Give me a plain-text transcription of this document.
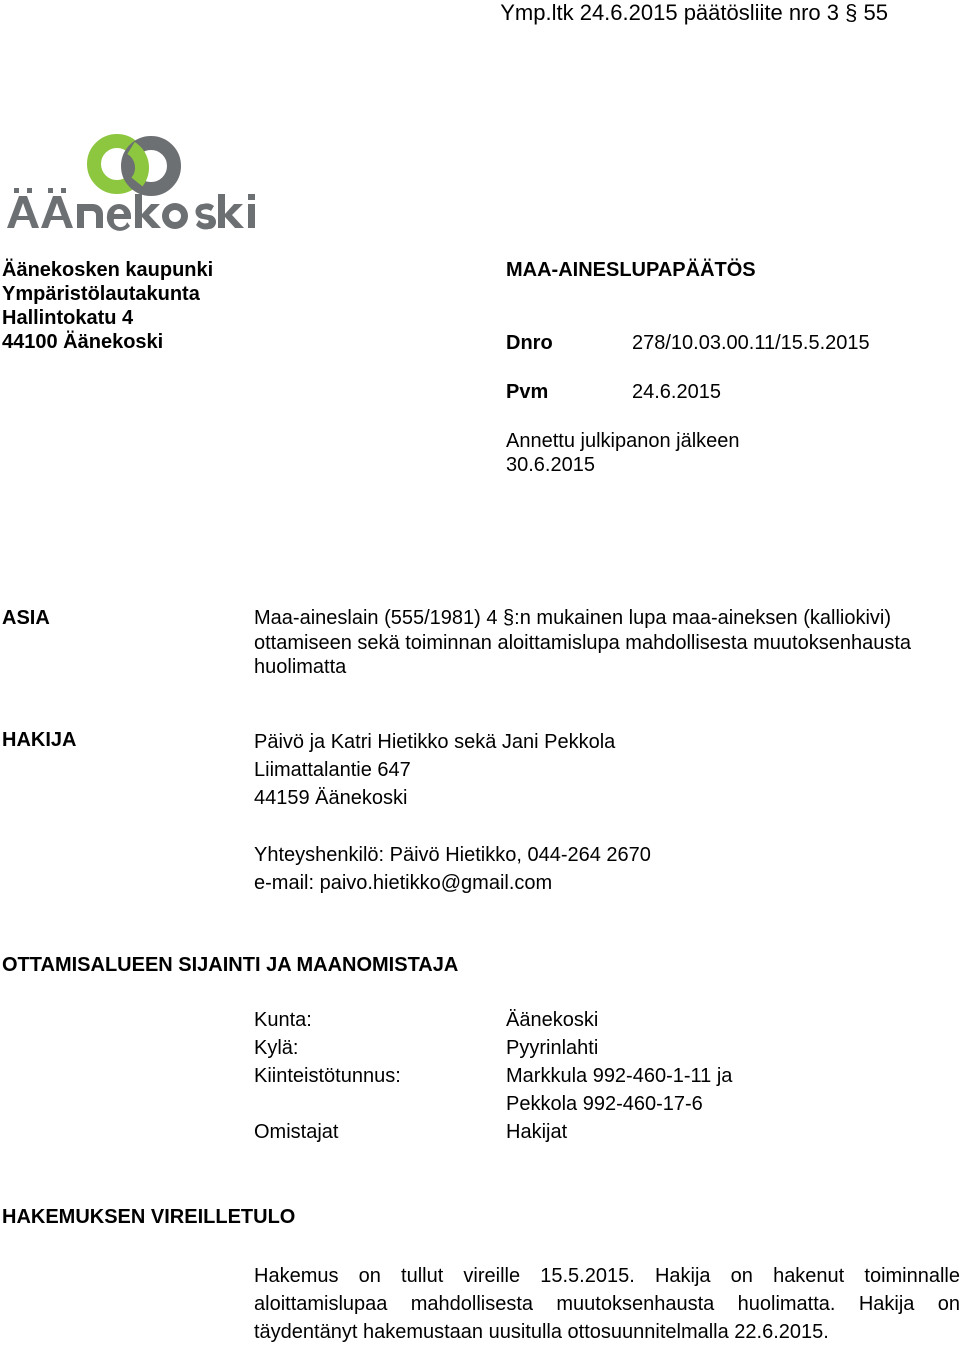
Ymp.ltk 24.6.2015 päätösliite nro 3 § 55
Äänekosken kaupunki
Ympäristölautakunta
Hallintokatu 4
44100 Äänekoski
MAA-AINESLUPAPÄÄTÖS
Dnro	278/10.03.00.11/15.5.2015
Pvm	24.6.2015
Annettu julkipanon jälkeen
30.6.2015
ASIA	Maa-aineslain (555/1981) 4 §:n mukainen lupa maa-aineksen (kalliokivi)
ottamiseen sekä toiminnan aloittamislupa mahdollisesta muutoksenhausta
huolimatta
HAKIJA	Päivö ja Katri Hietikko sekä Jani Pekkola
Liimattalantie 647
44159 Äänekoski
Yhteyshenkilö: Päivö Hietikko, 044-264 2670
e-mail: paivo.hietikko@gmail.com
OTTAMISALUEEN SIJAINTI JA MAANOMISTAJA
Kunta:	Äänekoski
Kylä:	Pyyrinlahti
Kiinteistötunnus:	Markkula 992-460-1-11 ja
Pekkola 992-460-17-6
Omistajat	Hakijat
HAKEMUKSEN VIREILLETULO
Hakemus on tullut vireille 15.5.2015. Hakija on hakenut toiminnalle
aloittamislupaa mahdollisesta muutoksenhausta huolimatta. Hakija on
täydentänyt hakemustaan uusitulla ottosuunnitelmalla 22.6.2015.
